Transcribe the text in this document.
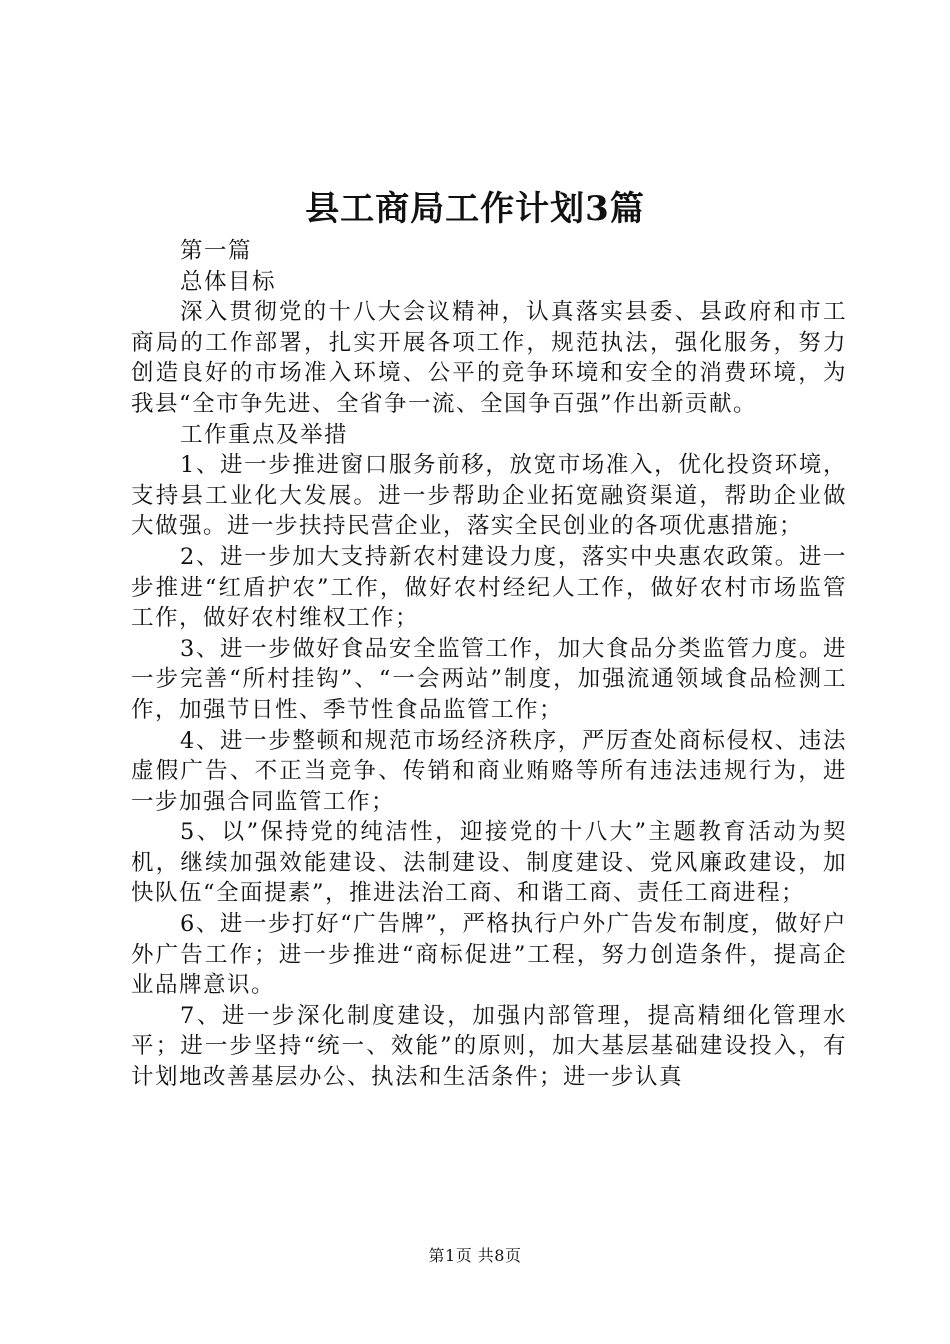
县工商局工作计划3篇

第一篇

总体目标

深入贯彻党的十八大会议精神，认真落实县委、县政府和市工商局的工作部署，扎实开展各项工作，规范执法，强化服务，努力创造良好的市场准入环境、公平的竞争环境和安全的消费环境，为我县“全市争先进、全省争一流、全国争百强”作出新贡献。

工作重点及举措

1、进一步推进窗口服务前移，放宽市场准入，优化投资环境，支持县工业化大发展。进一步帮助企业拓宽融资渠道，帮助企业做大做强。进一步扶持民营企业，落实全民创业的各项优惠措施；

2、进一步加大支持新农村建设力度，落实中央惠农政策。进一步推进“红盾护农”工作，做好农村经纪人工作，做好农村市场监管工作，做好农村维权工作；

3、进一步做好食品安全监管工作，加大食品分类监管力度。进一步完善“所村挂钩”、“一会两站”制度，加强流通领域食品检测工作，加强节日性、季节性食品监管工作；

4、进一步整顿和规范市场经济秩序，严厉查处商标侵权、违法虚假广告、不正当竞争、传销和商业贿赂等所有违法违规行为，进一步加强合同监管工作；

5、以”保持党的纯洁性，迎接党的十八大”主题教育活动为契机，继续加强效能建设、法制建设、制度建设、党风廉政建设，加快队伍“全面提素”，推进法治工商、和谐工商、责任工商进程；

6、进一步打好“广告牌”，严格执行户外广告发布制度，做好户外广告工作；进一步推进“商标促进”工程，努力创造条件，提高企业品牌意识。

7、进一步深化制度建设，加强内部管理，提高精细化管理水平；进一步坚持“统一、效能”的原则，加大基层基础建设投入，有计划地改善基层办公、执法和生活条件；进一步认真

第1页 共8页
